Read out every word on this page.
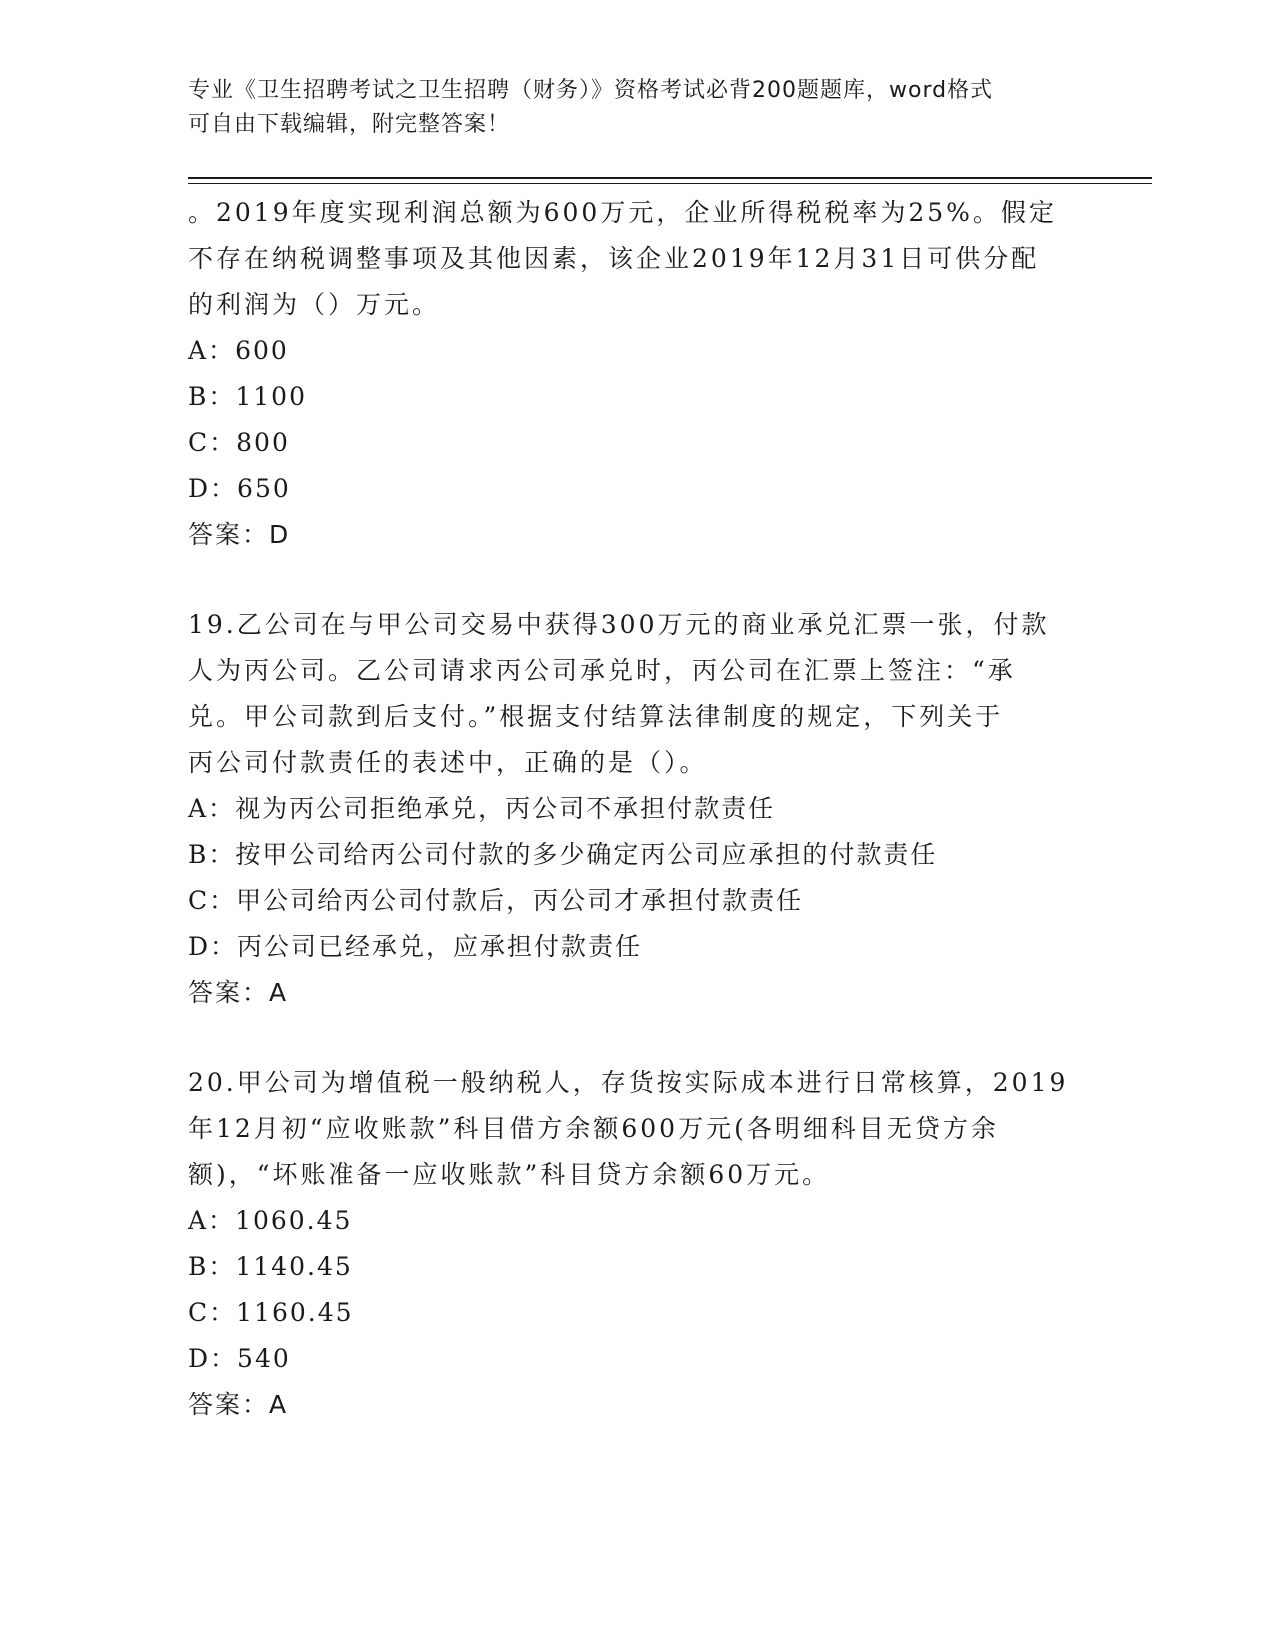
专业《卫生招聘考试之卫生招聘（财务）》资格考试必背200题题库，word格式
可自由下载编辑，附完整答案！

。2019年度实现利润总额为600万元，企业所得税税率为25%。假定

不存在纳税调整事项及其他因素，该企业2019年12月31日可供分配

的利润为（）万元。

A：600

B：1100

C：800

D：650

答案：D

19.乙公司在与甲公司交易中获得300万元的商业承兑汇票一张，付款

人为丙公司。乙公司请求丙公司承兑时，丙公司在汇票上签注：“承

兑。甲公司款到后支付。”根据支付结算法律制度的规定，下列关于

丙公司付款责任的表述中，正确的是（）。

A：视为丙公司拒绝承兑，丙公司不承担付款责任

B：按甲公司给丙公司付款的多少确定丙公司应承担的付款责任

C：甲公司给丙公司付款后，丙公司才承担付款责任

D：丙公司已经承兑，应承担付款责任

答案：A

20.甲公司为增值税一般纳税人，存货按实际成本进行日常核算，2019

年12月初“应收账款”科目借方余额600万元(各明细科目无贷方余

额)，“坏账准备一应收账款”科目贷方余额60万元。

A：1060.45

B：1140.45

C：1160.45

D：540

答案：A
